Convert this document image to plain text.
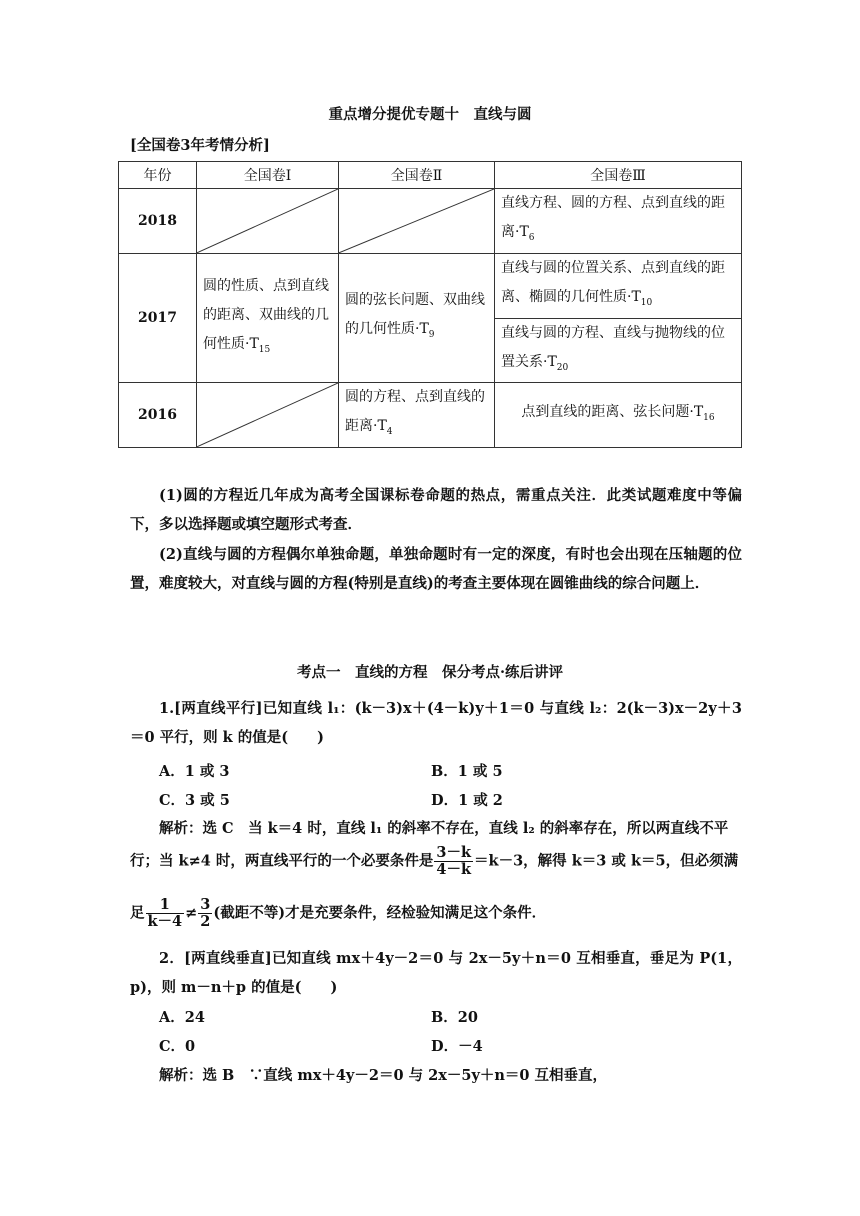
重点增分提优专题十　直线与圆
[全国卷3年考情分析]
年份	全国卷Ⅰ	全国卷Ⅱ	全国卷Ⅲ
2018			直线方程、圆的方程、点到直线的距离$\cdot T_6$
2017	圆的性质、点到直线的距离、双曲线的几何性质$\cdot T_{15}$	圆的弦长问题、双曲线的几何性质$\cdot T_9$	直线与圆的位置关系、点到直线的距离、椭圆的几何性质$\cdot T_{10}$
			直线与圆的方程、直线与抛物线的位置关系$\cdot T_{20}$
2016		圆的方程、点到直线的距离$\cdot T_4$	点到直线的距离、弦长问题$\cdot T_{16}$
(1)圆的方程近几年成为高考全国课标卷命题的热点，需重点关注．此类试题难度中等偏下，多以选择题或填空题形式考查．
(2)直线与圆的方程偶尔单独命题，单独命题时有一定的深度，有时也会出现在压轴题的位置，难度较大，对直线与圆的方程(特别是直线)的考查主要体现在圆锥曲线的综合问题上．
考点一　直线的方程　保分考点·练后讲评
1.[两直线平行]已知直线 l₁：(k－3)x＋(4－k)y＋1＝0 与直线 l₂：2(k－3)x－2y＋3＝0 平行，则 k 的值是(　　)
A．1 或 3	B．1 或 5
C．3 或 5	D．1 或 2
解析：选 C　当 k＝4 时，直线 l₁ 的斜率不存在，直线 l₂ 的斜率存在，所以两直线不平
行；当 k≠4 时，两直线平行的一个必要条件是 $\frac{3-k}{4-k} =k-3$，解得 k＝3 或 k＝5，但必须满
足 $\frac{1}{k-4} \ne \frac{3}{2}$ (截距不等)才是充要条件，经检验知满足这个条件．
2．[两直线垂直]已知直线 mx＋4y－2＝0 与 2x－5y＋n＝0 互相垂直，垂足为 P(1，p)，则 m－n＋p 的值是(　　)
A．24	B．20
C．0	D．－4
解析：选 B　∵直线 mx＋4y－2＝0 与 2x－5y＋n＝0 互相垂直，
